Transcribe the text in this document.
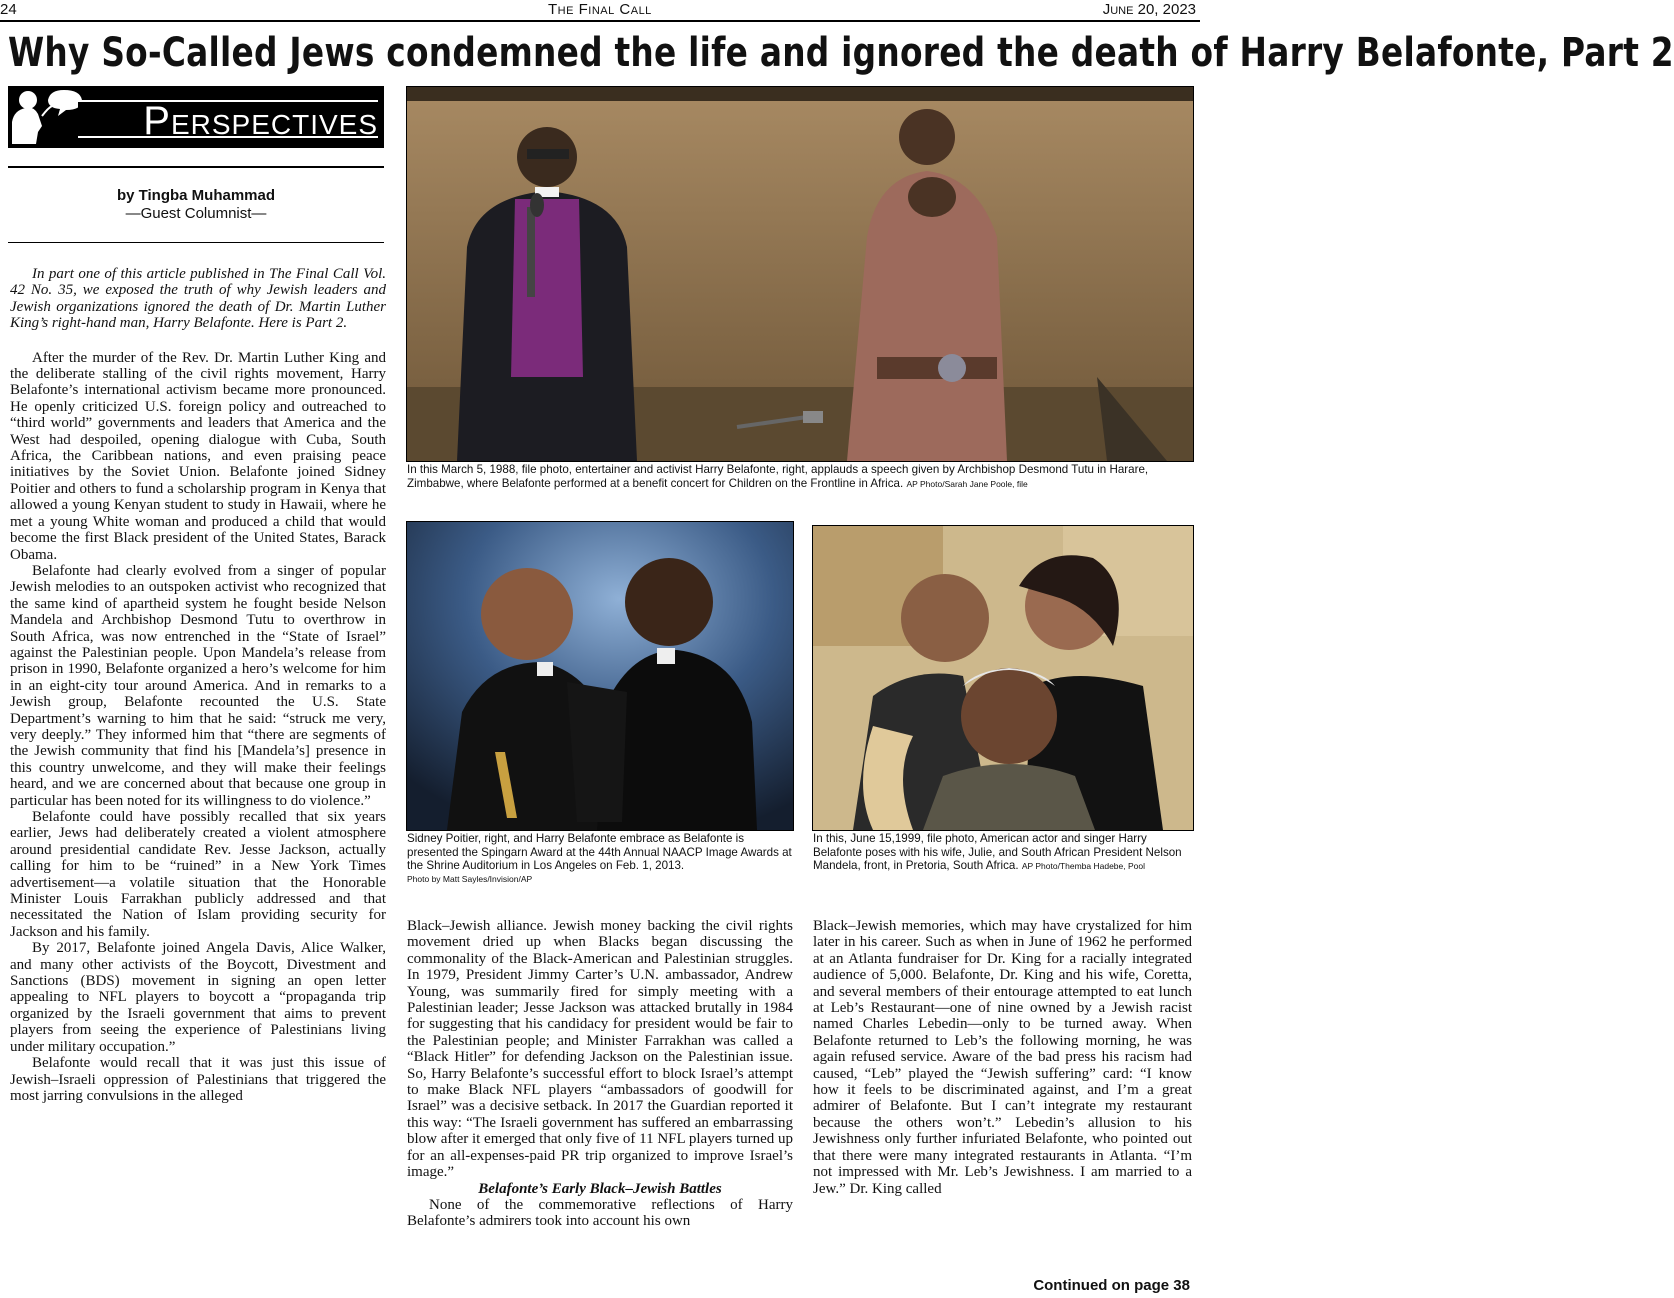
24	The Final Call	June 20, 2023
Why So-Called Jews condemned the life and ignored the death of Harry Belafonte, Part 2
Perspectives
by Tingba Muhammad
—Guest Columnist—

In part one of this article published in The Final Call Vol. 42 No. 35, we exposed the truth of why Jewish leaders and Jewish organizations ignored the death of Dr. Martin Luther King’s right-hand man, Harry Belafonte. Here is Part 2.

After the murder of the Rev. Dr. Martin Luther King and the deliberate stalling of the civil rights movement, Harry Belafonte’s international activism became more pronounced. He openly criticized U.S. foreign policy and outreached to “third world” governments and leaders that America and the West had despoiled, opening dialogue with Cuba, South Africa, the Caribbean nations, and even praising peace initiatives by the Soviet Union. Belafonte joined Sidney Poitier and others to fund a scholarship program in Kenya that allowed a young Kenyan student to study in Hawaii, where he met a young White woman and produced a child that would become the first Black president of the United States, Barack Obama.

Belafonte had clearly evolved from a singer of popular Jewish melodies to an outspoken activist who recognized that the same kind of apartheid system he fought beside Nelson Mandela and Archbishop Desmond Tutu to overthrow in South Africa, was now entrenched in the “State of Israel” against the Palestinian people. Upon Mandela’s release from prison in 1990, Belafonte organized a hero’s welcome for him in an eight-city tour around America. And in remarks to a Jewish group, Belafonte recounted the U.S. State Department’s warning to him that he said: “struck me very, very deeply.” They informed him that “there are segments of the Jewish community that find his [Mandela’s] presence in this country unwelcome, and they will make their feelings heard, and we are concerned about that because one group in particular has been noted for its willingness to do violence.”

Belafonte could have possibly recalled that six years earlier, Jews had deliberately created a violent atmosphere around presidential candidate Rev. Jesse Jackson, actually calling for him to be “ruined” in a New York Times advertisement—a volatile situation that the Honorable Minister Louis Farrakhan publicly addressed and that necessitated the Nation of Islam providing security for Jackson and his family.

By 2017, Belafonte joined Angela Davis, Alice Walker, and many other activists of the Boycott, Divestment and Sanctions (BDS) movement in signing an open letter appealing to NFL players to boycott a “propaganda trip organized by the Israeli government that aims to prevent players from seeing the experience of Palestinians living under military occupation.”

Belafonte would recall that it was just this issue of Jewish–Israeli oppression of Palestinians that triggered the most jarring convulsions in the alleged

In this March 5, 1988, file photo, entertainer and activist Harry Belafonte, right, applauds a speech given by Archbishop Desmond Tutu in Harare, Zimbabwe, where Belafonte performed at a benefit concert for Children on the Frontline in Africa. AP Photo/Sarah Jane Poole, file
Sidney Poitier, right, and Harry Belafonte embrace as Belafonte is presented the Spingarn Award at the 44th Annual NAACP Image Awards at the Shrine Auditorium in Los Angeles on Feb. 1, 2013.
Photo by Matt Sayles/Invision/AP
In this, June 15,1999, file photo, American actor and singer Harry Belafonte poses with his wife, Julie, and South African President Nelson Mandela, front, in Pretoria, South Africa. AP Photo/Themba Hadebe, Pool

Black–Jewish alliance. Jewish money backing the civil rights movement dried up when Blacks began discussing the commonality of the Black-American and Palestinian struggles. In 1979, President Jimmy Carter’s U.N. ambassador, Andrew Young, was summarily fired for simply meeting with a Palestinian leader; Jesse Jackson was attacked brutally in 1984 for suggesting that his candidacy for president would be fair to the Palestinian people; and Minister Farrakhan was called a “Black Hitler” for defending Jackson on the Palestinian issue. So, Harry Belafonte’s successful effort to block Israel’s attempt to make Black NFL players “ambassadors of goodwill for Israel” was a decisive setback. In 2017 the Guardian reported it this way: “The Israeli government has suffered an embarrassing blow after it emerged that only five of 11 NFL players turned up for an all-expenses-paid PR trip organized to improve Israel’s image.”

Belafonte’s Early Black–Jewish Battles

None of the commemorative reflections of Harry Belafonte’s admirers took into account his own

Black–Jewish memories, which may have crystalized for him later in his career. Such as when in June of 1962 he performed at an Atlanta fundraiser for Dr. King for a racially integrated audience of 5,000. Belafonte, Dr. King and his wife, Coretta, and several members of their entourage attempted to eat lunch at Leb’s Restaurant—one of nine owned by a Jewish racist named Charles Lebedin—only to be turned away. When Belafonte returned to Leb’s the following morning, he was again refused service. Aware of the bad press his racism had caused, “Leb” played the “Jewish suffering” card: “I know how it feels to be discriminated against, and I’m a great admirer of Belafonte. But I can’t integrate my restaurant because the others won’t.” Lebedin’s allusion to his Jewishness only further infuriated Belafonte, who pointed out that there were many integrated restaurants in Atlanta. “I’m not impressed with Mr. Leb’s Jewishness. I am married to a Jew.” Dr. King called

Continued on page 38
